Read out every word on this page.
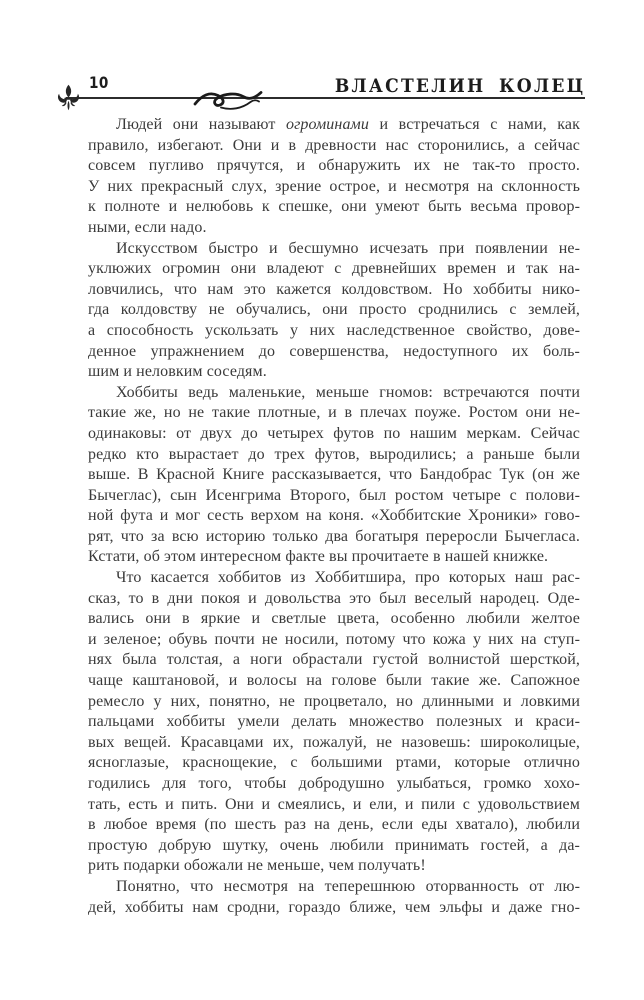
10	ВЛАСТЕЛИН КОЛЕЦ
Людей они называют огроминами и встречаться с нами, как
правило, избегают. Они и в древности нас сторонились, а сейчас
совсем пугливо прячутся, и обнаружить их не так-то просто.
У них прекрасный слух, зрение острое, и несмотря на склонность
к полноте и нелюбовь к спешке, они умеют быть весьма провор-
ными, если надо.
Искусством быстро и бесшумно исчезать при появлении не-
уклюжих огромин они владеют с древнейших времен и так на-
ловчились, что нам это кажется колдовством. Но хоббиты нико-
гда колдовству не обучались, они просто сроднились с землей,
а способность ускользать у них наследственное свойство, дове-
денное упражнением до совершенства, недоступного их боль-
шим и неловким соседям.
Хоббиты ведь маленькие, меньше гномов: встречаются почти
такие же, но не такие плотные, и в плечах поуже. Ростом они не-
одинаковы: от двух до четырех футов по нашим меркам. Сейчас
редко кто вырастает до трех футов, выродились; а раньше были
выше. В Красной Книге рассказывается, что Бандобрас Тук (он же
Бычеглас), сын Исенгрима Второго, был ростом четыре с полови-
ной фута и мог сесть верхом на коня. «Хоббитские Хроники» гово-
рят, что за всю историю только два богатыря переросли Бычегласа.
Кстати, об этом интересном факте вы прочитаете в нашей книжке.
Что касается хоббитов из Хоббитшира, про которых наш рас-
сказ, то в дни покоя и довольства это был веселый народец. Оде-
вались они в яркие и светлые цвета, особенно любили желтое
и зеленое; обувь почти не носили, потому что кожа у них на ступ-
нях была толстая, а ноги обрастали густой волнистой шерсткой,
чаще каштановой, и волосы на голове были такие же. Сапожное
ремесло у них, понятно, не процветало, но длинными и ловкими
пальцами хоббиты умели делать множество полезных и краси-
вых вещей. Красавцами их, пожалуй, не назовешь: широколицые,
ясноглазые, краснощекие, с большими ртами, которые отлично
годились для того, чтобы добродушно улыбаться, громко хохо-
тать, есть и пить. Они и смеялись, и ели, и пили с удовольствием
в любое время (по шесть раз на день, если еды хватало), любили
простую добрую шутку, очень любили принимать гостей, а да-
рить подарки обожали не меньше, чем получать!
Понятно, что несмотря на теперешнюю оторванность от лю-
дей, хоббиты нам сродни, гораздо ближе, чем эльфы и даже гно-
